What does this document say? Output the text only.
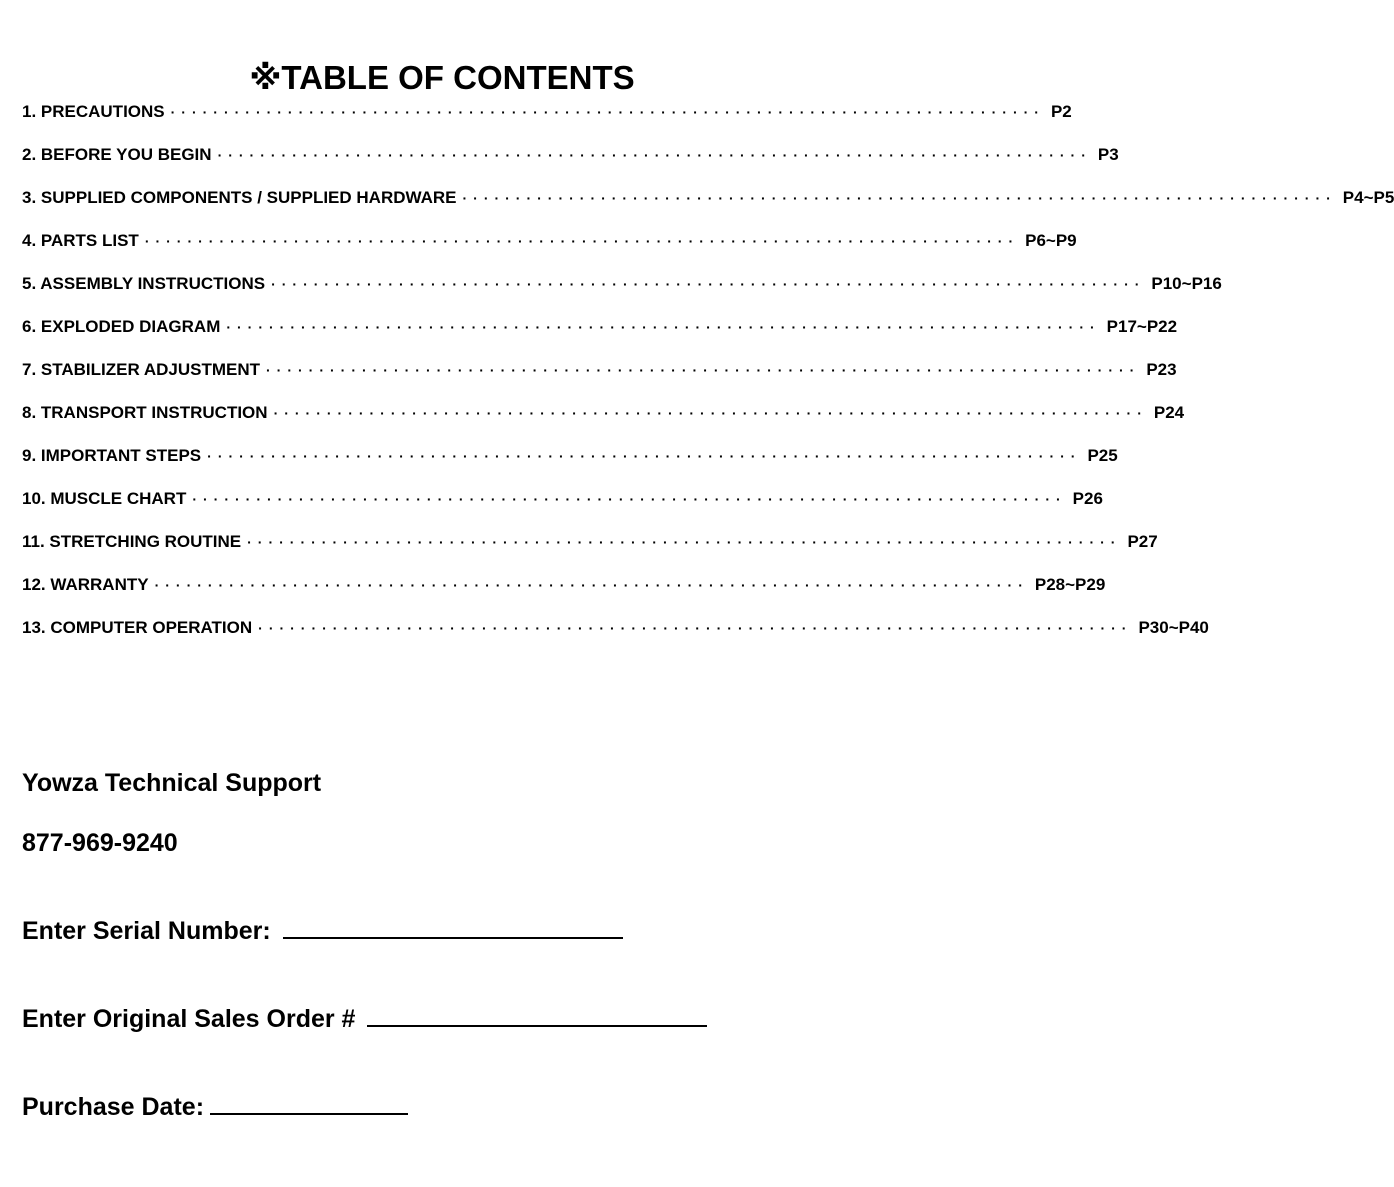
※TABLE OF CONTENTS
1. PRECAUTIONS ·················································································· P2
2. BEFORE YOU BEGIN ·················································································· P3
3. SUPPLIED COMPONENTS / SUPPLIED HARDWARE ·················································································· P4~P5
4. PARTS LIST ·················································································· P6~P9
5. ASSEMBLY INSTRUCTIONS ·················································································· P10~P16
6. EXPLODED DIAGRAM ·················································································· P17~P22
7. STABILIZER ADJUSTMENT ·················································································· P23
8. TRANSPORT INSTRUCTION ·················································································· P24
9. IMPORTANT STEPS ·················································································· P25
10. MUSCLE CHART ·················································································· P26
11. STRETCHING ROUTINE ·················································································· P27
12. WARRANTY ·················································································· P28~P29
13. COMPUTER OPERATION ·················································································· P30~P40
Yowza Technical Support
877-969-9240
Enter Serial Number:
Enter Original Sales Order #
Purchase Date:
